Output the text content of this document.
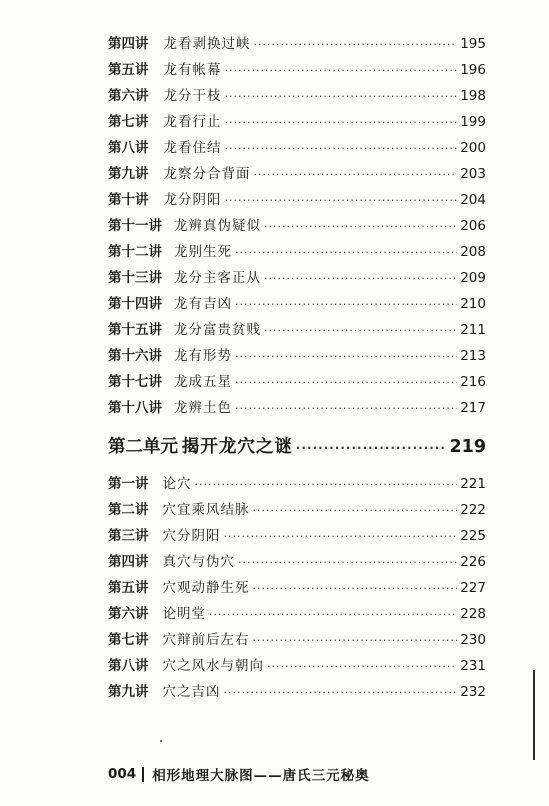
第四讲 龙看剥换过峡 ·····	195
第五讲 龙有帐幕 ·····	196
第六讲 龙分干枝 ·····	198
第七讲 龙看行止 ·····	199
第八讲 龙看住结 ·····	200
第九讲 龙察分合背面 ·····	203
第十讲 龙分阴阳 ·····	204
第十一讲 龙辨真伪疑似 ·····	206
第十二讲 龙别生死 ·····	208
第十三讲 龙分主客正从 ·····	209
第十四讲 龙有吉凶 ·····	210
第十五讲 龙分富贵贫贱 ·····	211
第十六讲 龙有形势 ·····	213
第十七讲 龙成五星 ·····	216
第十八讲 龙辨土色 ·····	217
第二单元 揭开龙穴之谜 ·····	219
第一讲 论穴 ·····	221
第二讲 穴宜乘风结脉 ·····	222
第三讲 穴分阴阳 ·····	225
第四讲 真穴与伪穴 ·····	226
第五讲 穴观动静生死 ·····	227
第六讲 论明堂 ·····	228
第七讲 穴辩前后左右 ·····	230
第八讲 穴之风水与朝向 ·····	231
第九讲 穴之吉凶 ·····	232
004 相形地理大脉图——唐氏三元秘奥
